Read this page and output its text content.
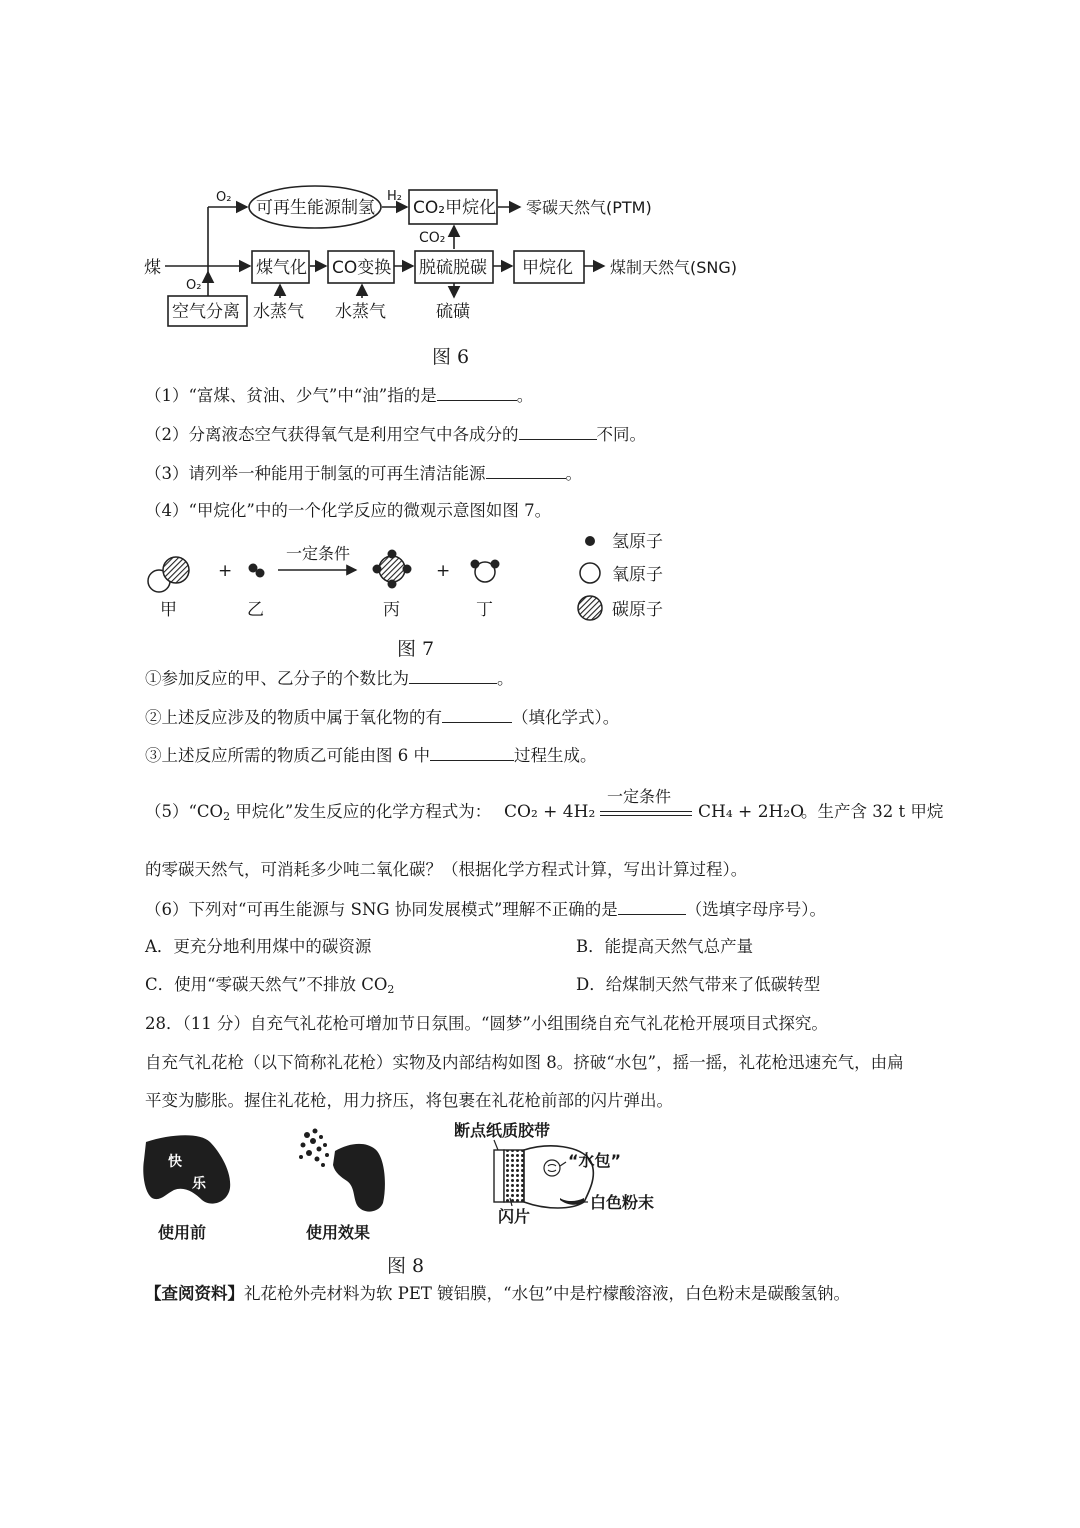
煤
O₂
O₂
可再生能源制氢
H₂
CO₂甲烷化 零碳天然气(PTM)
CO₂
煤气化 CO变换 脱硫脱碳 甲烷化 煤制天然气(SNG)
空气分离 水蒸气 水蒸气	硫磺
图 6
（1）“富煤、贫油、少气”中“油”指的是	。
（2）分离液态空气获得氧气是利用空气中各成分的	不同。
（3）请列举一种能用于制氢的可再生清洁能源	。
（4）“甲烷化”中的一个化学反应的微观示意图如图 7。
+	+
一定条件
甲	乙	丙	丁
氢原子
氧原子
碳原子
图 7
①参加反应的甲、乙分子的个数比为	。
②上述反应涉及的物质中属于氧化物的有	（填化学式）。
③上述反应所需的物质乙可能由图 6 中	过程生成。
$(5)“CO_2$ 甲烷化”发生反应的化学方程式为： CO₂ + 4H₂
一定条件
CH₄ + 2H₂O
。生产含 32 t 甲烷
的零碳天然气，可消耗多少吨二氧化碳？（根据化学方程式计算，写出计算过程）。
（6）下列对“可再生能源与 SNG 协同发展模式”理解不正确的是	（选填字母序号）。
A．更充分地利用煤中的碳资源	B．能提高天然气总产量
C．使用“零碳天然气”不排放 $CO_2$	D．给煤制天然气带来了低碳转型
28．（11 分）自充气礼花枪可增加节日氛围。“圆梦”小组围绕自充气礼花枪开展项目式探究。
自充气礼花枪（以下简称礼花枪）实物及内部结构如图 8。挤破“水包”，摇一摇，礼花枪迅速充气，由扁
平变为膨胀。握住礼花枪，用力挤压，将包裹在礼花枪前部的闪片弹出。
快
乐
使用前	使用效果
断点纸质胶带
“水包”
闪片
白色粉末
图 8
【查阅资料】礼花枪外壳材料为软 PET 镀铝膜，“水包”中是柠檬酸溶液，白色粉末是碳酸氢钠。
